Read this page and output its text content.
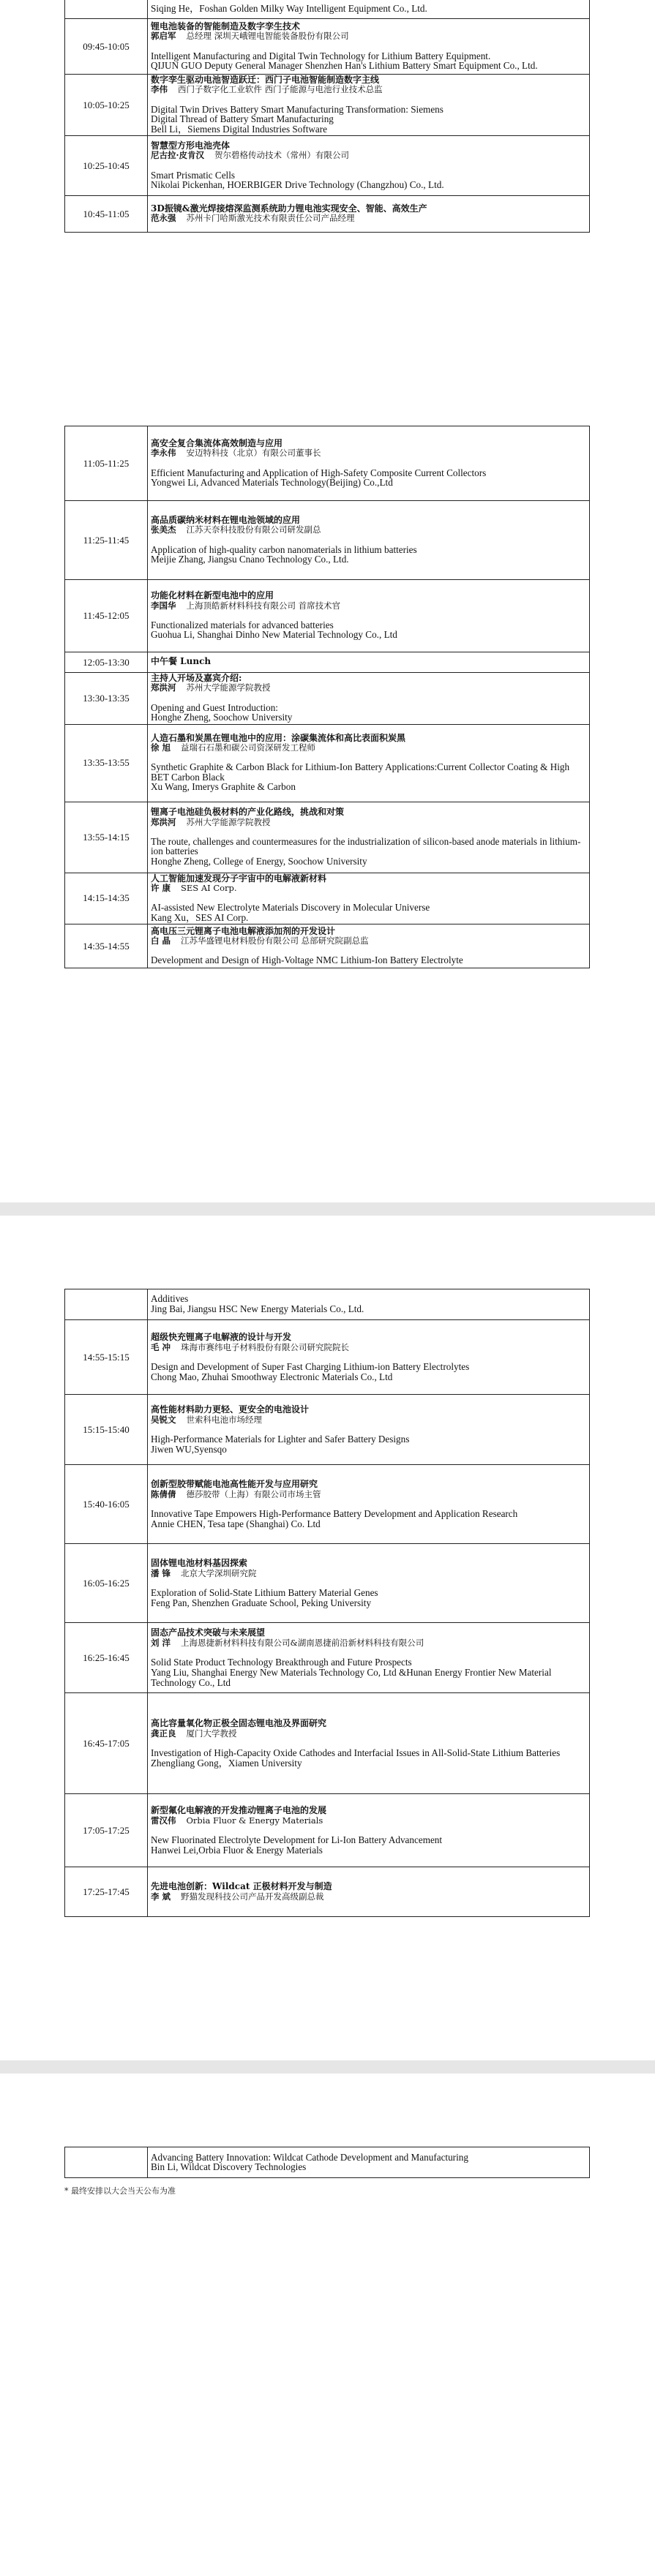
	Siqing He，Foshan Golden Milky Way Intelligent Equipment Co., Ltd.

09:45-10:05	锂电池装备的智能制造及数字孪生技术
郭启军 总经理 深圳天峨锂电智能装备股份有限公司
Intelligent Manufacturing and Digital Twin Technology for Lithium Battery Equipment.
QIJUN GUO Deputy General Manager Shenzhen Han's Lithium Battery Smart Equipment Co., Ltd.

10:05-10:25	数字孪生驱动电池智造跃迁：西门子电池智能制造数字主线
李伟 西门子数字化工业软件 西门子能源与电池行业技术总监
Digital Twin Drives Battery Smart Manufacturing Transformation: Siemens
Digital Thread of Battery Smart Manufacturing
Bell Li，Siemens Digital Industries Software

10:25-10:45	智慧型方形电池壳体
尼古拉·皮肯汉 贺尔碧格传动技术（常州）有限公司
Smart Prismatic Cells
Nikolai Pickenhan, HOERBIGER Drive Technology (Changzhou) Co., Ltd.

10:45-11:05	3D振镜&激光焊接熔深监测系统助力锂电池实现安全、智能、高效生产
范永强 苏州卡门哈斯激光技术有限责任公司产品经理
11:05-11:25	高安全复合集流体高效制造与应用
李永伟 安迈特科技（北京）有限公司董事长
Efficient Manufacturing and Application of High-Safety Composite Current Collectors
Yongwei Li, Advanced Materials Technology(Beijing) Co.,Ltd

11:25-11:45	高品质碳纳米材料在锂电池领域的应用
张美杰 江苏天奈科技股份有限公司研发副总
Application of high-quality carbon nanomaterials in lithium batteries
Meijie Zhang, Jiangsu Cnano Technology Co., Ltd.

11:45-12:05	功能化材料在新型电池中的应用
李国华 上海顶皓新材料科技有限公司 首席技术官
Functionalized materials for advanced batteries
Guohua Li, Shanghai Dinho New Material Technology Co., Ltd

12:05-13:30	中午餐 Lunch

13:30-13:35	主持人开场及嘉宾介绍:
郑洪河 苏州大学能源学院教授
Opening and Guest Introduction:
Honghe Zheng, Soochow University

13:35-13:55	人造石墨和炭黑在锂电池中的应用：涂碳集流体和高比表面积炭黑
徐 旭 益瑞石石墨和碳公司资深研发工程师
Synthetic Graphite & Carbon Black for Lithium-Ion Battery Applications:Current Collector Coating & High BET Carbon Black
Xu Wang, Imerys Graphite & Carbon

13:55-14:15	锂离子电池硅负极材料的产业化路线，挑战和对策
郑洪河 苏州大学能源学院教授
The route, challenges and countermeasures for the industrialization of silicon-based anode materials in lithium-ion batteries
Honghe Zheng, College of Energy, Soochow University

14:15-14:35	人工智能加速发现分子宇宙中的电解液新材料
许 康 SES AI Corp.
AI-assisted New Electrolyte Materials Discovery in Molecular Universe
Kang Xu，SES AI Corp.

14:35-14:55	高电压三元锂离子电池电解液添加剂的开发设计
白 晶 江苏华盛锂电材料股份有限公司 总部研究院副总监
Development and Design of High-Voltage NMC Lithium-Ion Battery Electrolyte

	Additives
Jing Bai, Jiangsu HSC New Energy Materials Co., Ltd.

14:55-15:15	超级快充锂离子电解液的设计与开发
毛 冲 珠海市赛纬电子材料股份有限公司研究院院长
Design and Development of Super Fast Charging Lithium-ion Battery Electrolytes
Chong Mao, Zhuhai Smoothway Electronic Materials Co., Ltd

15:15-15:40	高性能材料助力更轻、更安全的电池设计
吴锐文 世索科电池市场经理
High-Performance Materials for Lighter and Safer Battery Designs
Jiwen WU,Syensqo

15:40-16:05	创新型胶带赋能电池高性能开发与应用研究
陈倩倩 德莎胶带（上海）有限公司市场主管
Innovative Tape Empowers High-Performance Battery Development and Application Research
Annie CHEN, Tesa tape (Shanghai) Co. Ltd

16:05-16:25	固体锂电池材料基因探索
潘 锋 北京大学深圳研究院
Exploration of Solid-State Lithium Battery Material Genes
Feng Pan, Shenzhen Graduate School, Peking University

16:25-16:45	固态产品技术突破与未来展望
刘 洋 上海恩捷新材料科技有限公司&湖南恩捷前沿新材料科技有限公司
Solid State Product Technology Breakthrough and Future Prospects
Yang Liu, Shanghai Energy New Materials Technology Co, Ltd &Hunan Energy Frontier New Material Technology Co., Ltd

16:45-17:05	高比容量氧化物正极全固态锂电池及界面研究
龚正良 厦门大学教授
Investigation of High-Capacity Oxide Cathodes and Interfacial Issues in All-Solid-State Lithium Batteries
Zhengliang Gong，Xiamen University

17:05-17:25	新型氟化电解液的开发推动锂离子电池的发展
雷汉伟 Orbia Fluor & Energy Materials
New Fluorinated Electrolyte Development for Li-Ion Battery Advancement
Hanwei Lei,Orbia Fluor & Energy Materials

17:25-17:45	先进电池创新：Wildcat 正极材料开发与制造
李 斌 野猫发现科技公司产品开发高级副总裁

Advancing Battery Innovation: Wildcat Cathode Development and Manufacturing
Bin Li, Wildcat Discovery Technologies
* 最终安排以大会当天公布为准
